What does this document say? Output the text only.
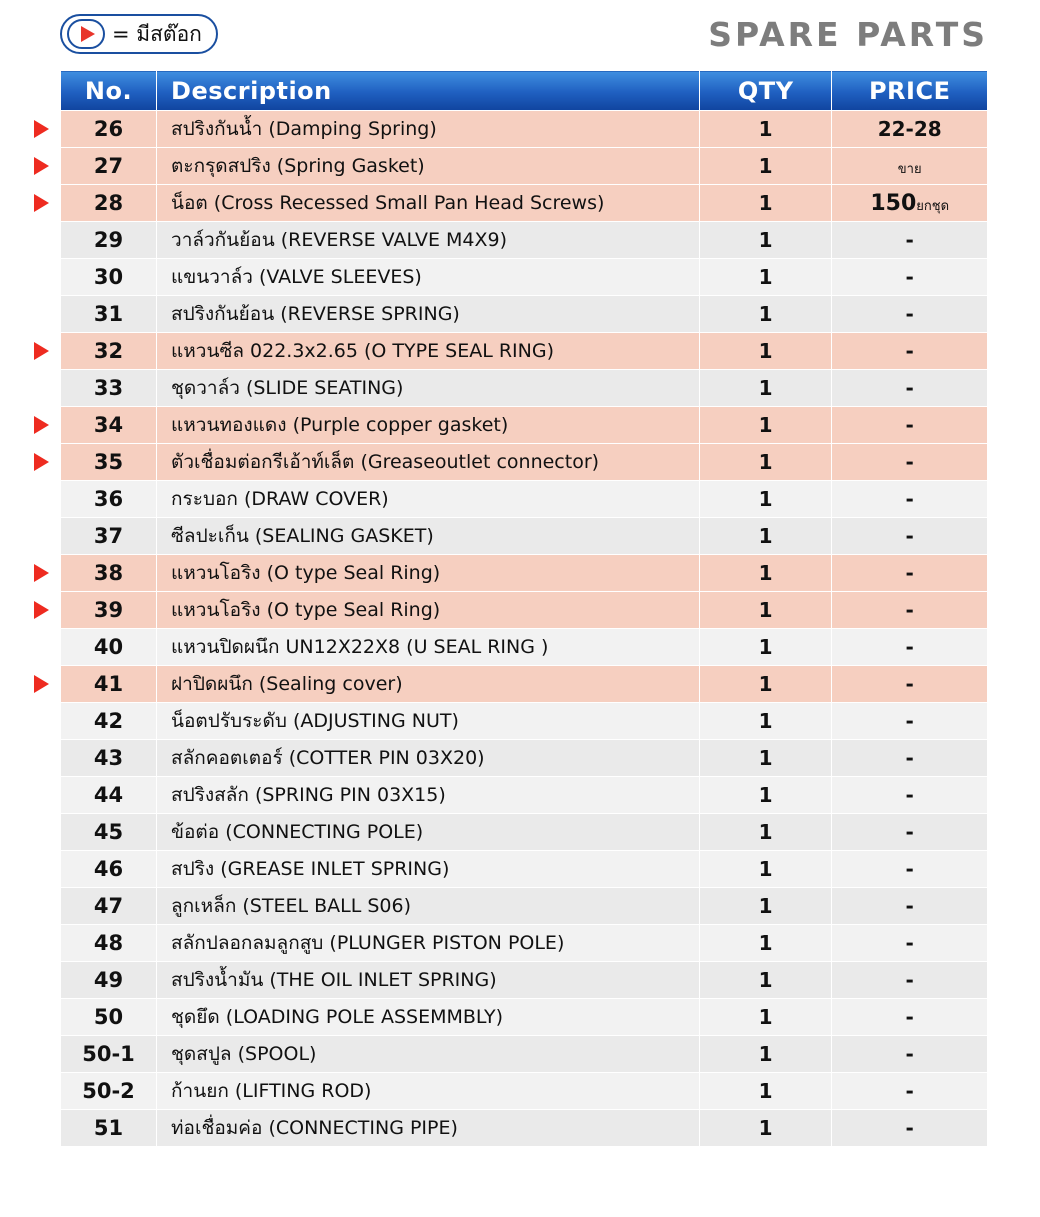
= มีสต๊อก	SPARE PARTS
No.	Description	QTY	PRICE
26	สปริงกันน้ำ (Damping Spring)	1	22-28
27	ตะกรุดสปริง (Spring Gasket)	1	ขาย
28	น็อต (Cross Recessed Small Pan Head Screws)	1	150ยกชุด
29	วาล์วกันย้อน (REVERSE VALVE M4X9)	1	-
30	แขนวาล์ว (VALVE SLEEVES)	1	-
31	สปริงกันย้อน (REVERSE SPRING)	1	-
32	แหวนซีล 022.3x2.65 (O TYPE SEAL RING)	1	-
33	ชุดวาล์ว (SLIDE SEATING)	1	-
34	แหวนทองแดง (Purple copper gasket)	1	-
35	ตัวเชื่อมต่อกรีเอ้าท์เล็ต (Greaseoutlet connector)	1	-
36	กระบอก (DRAW COVER)	1	-
37	ซีลปะเก็น (SEALING GASKET)	1	-
38	แหวนโอริง (O type Seal Ring)	1	-
39	แหวนโอริง (O type Seal Ring)	1	-
40	แหวนปิดผนึก UN12X22X8 (U SEAL RING )	1	-
41	ฝาปิดผนึก (Sealing cover)	1	-
42	น็อตปรับระดับ (ADJUSTING NUT)	1	-
43	สลักคอตเตอร์ (COTTER PIN 03X20)	1	-
44	สปริงสลัก (SPRING PIN 03X15)	1	-
45	ข้อต่อ (CONNECTING POLE)	1	-
46	สปริง (GREASE INLET SPRING)	1	-
47	ลูกเหล็ก (STEEL BALL S06)	1	-
48	สลักปลอกลมลูกสูบ (PLUNGER PISTON POLE)	1	-
49	สปริงน้ำมัน (THE OIL INLET SPRING)	1	-
50	ชุดยึด (LOADING POLE ASSEMMBLY)	1	-
50-1	ชุดสปูล (SPOOL)	1	-
50-2	ก้านยก (LIFTING ROD)	1	-
51	ท่อเชื่อมค่อ (CONNECTING PIPE)	1	-
